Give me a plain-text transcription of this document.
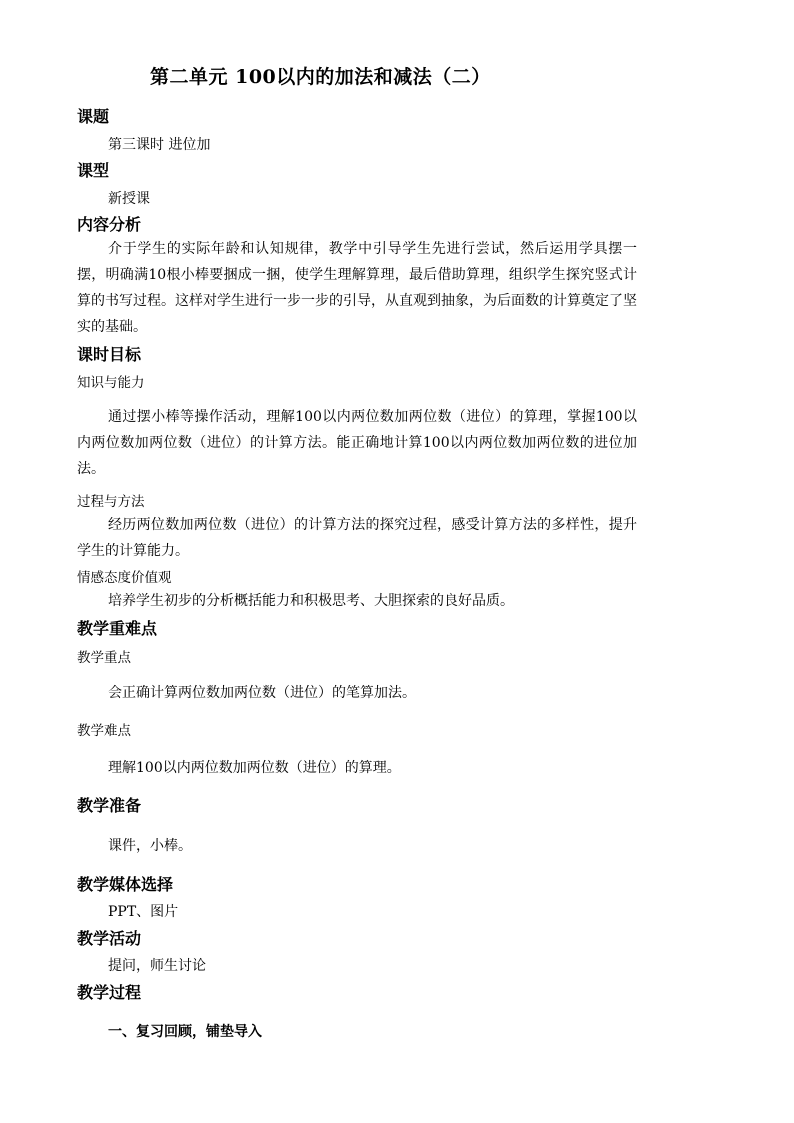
第二单元 100以内的加法和减法（二）
课题
第三课时 进位加
课型
新授课
内容分析
介于学生的实际年龄和认知规律，教学中引导学生先进行尝试，然后运用学具摆一摆，明确满10根小棒要捆成一捆，使学生理解算理，最后借助算理，组织学生探究竖式计算的书写过程。这样对学生进行一步一步的引导，从直观到抽象，为后面数的计算奠定了坚实的基础。
课时目标
知识与能力
通过摆小棒等操作活动，理解100以内两位数加两位数（进位）的算理，掌握100以内两位数加两位数（进位）的计算方法。能正确地计算100以内两位数加两位数的进位加法。
过程与方法
经历两位数加两位数（进位）的计算方法的探究过程，感受计算方法的多样性，提升学生的计算能力。
情感态度价值观
培养学生初步的分析概括能力和积极思考、大胆探索的良好品质。
教学重难点
教学重点
会正确计算两位数加两位数（进位）的笔算加法。
教学难点
理解100以内两位数加两位数（进位）的算理。
教学准备
课件，小棒。
教学媒体选择
PPT、图片
教学活动
提问，师生讨论
教学过程
一、复习回顾，铺垫导入
